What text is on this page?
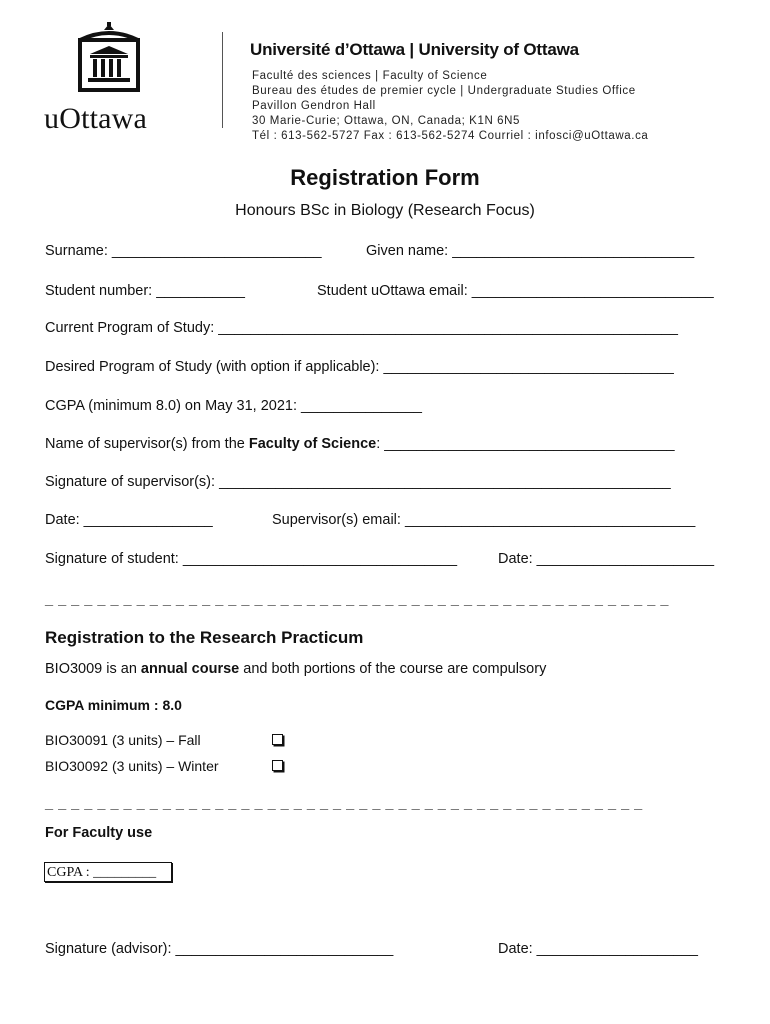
uOttawa
Université d’Ottawa | University of Ottawa
Faculté des sciences | Faculty of Science
Bureau des études de premier cycle | Undergraduate Studies Office
Pavillon Gendron Hall
30 Marie-Curie; Ottawa, ON, Canada; K1N 6N5
Tél : 613-562-5727 Fax : 613-562-5274 Courriel : infosci@uOttawa.ca
Registration Form
Honours BSc in Biology (Research Focus)
Surname: __________________________	Given name: ______________________________
Student number: ___________	Student uOttawa email: ______________________________
Current Program of Study: _________________________________________________________
Desired Program of Study (with option if applicable): ____________________________________
CGPA (minimum 8.0) on May 31, 2021: _______________
Name of supervisor(s) from the Faculty of Science: ____________________________________
Signature of supervisor(s): ________________________________________________________
Date: ________________	Supervisor(s) email: ____________________________________
Signature of student: __________________________________	Date: ______________________
_ _ _ _ _ _ _ _ _ _ _ _ _ _ _ _ _ _ _ _ _ _ _ _ _ _ _ _ _ _ _ _ _ _ _ _ _ _ _ _ _ _ _ _ _ _ _ _
Registration to the Research Practicum
BIO3009 is an annual course and both portions of the course are compulsory
CGPA minimum : 8.0
BIO30091 (3 units) – Fall
BIO30092 (3 units) – Winter
_ _ _ _ _ _ _ _ _ _ _ _ _ _ _ _ _ _ _ _ _ _ _ _ _ _ _ _ _ _ _ _ _ _ _ _ _ _ _ _ _ _ _ _ _ _
For Faculty use
CGPA : _________
Signature (advisor): ___________________________	Date: ____________________
